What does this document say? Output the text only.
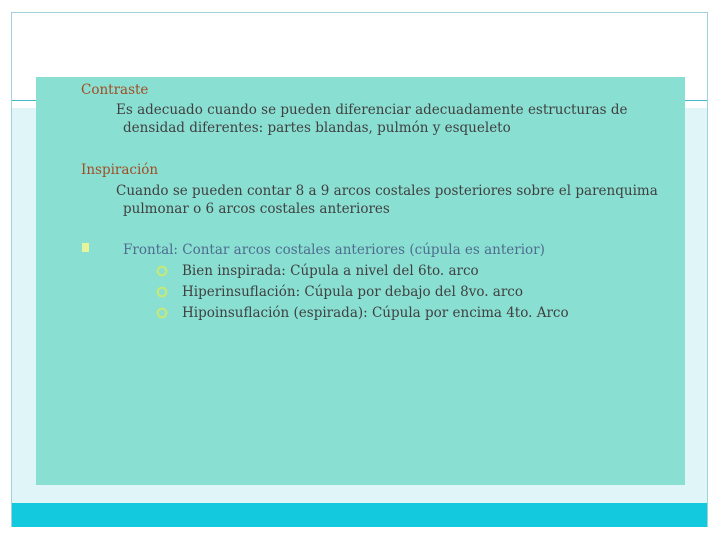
Contraste
Es adecuado cuando se pueden diferenciar adecuadamente estructuras de
densidad diferentes: partes blandas, pulmón y esqueleto
Inspiración
Cuando se pueden contar 8 a 9 arcos costales posteriores sobre el parenquima
pulmonar o 6 arcos costales anteriores
Frontal: Contar arcos costales anteriores (cúpula es anterior)
Bien inspirada: Cúpula a nivel del 6to. arco
Hiperinsuflación: Cúpula por debajo del 8vo. arco
Hipoinsuflación (espirada): Cúpula por encima 4to. Arco
